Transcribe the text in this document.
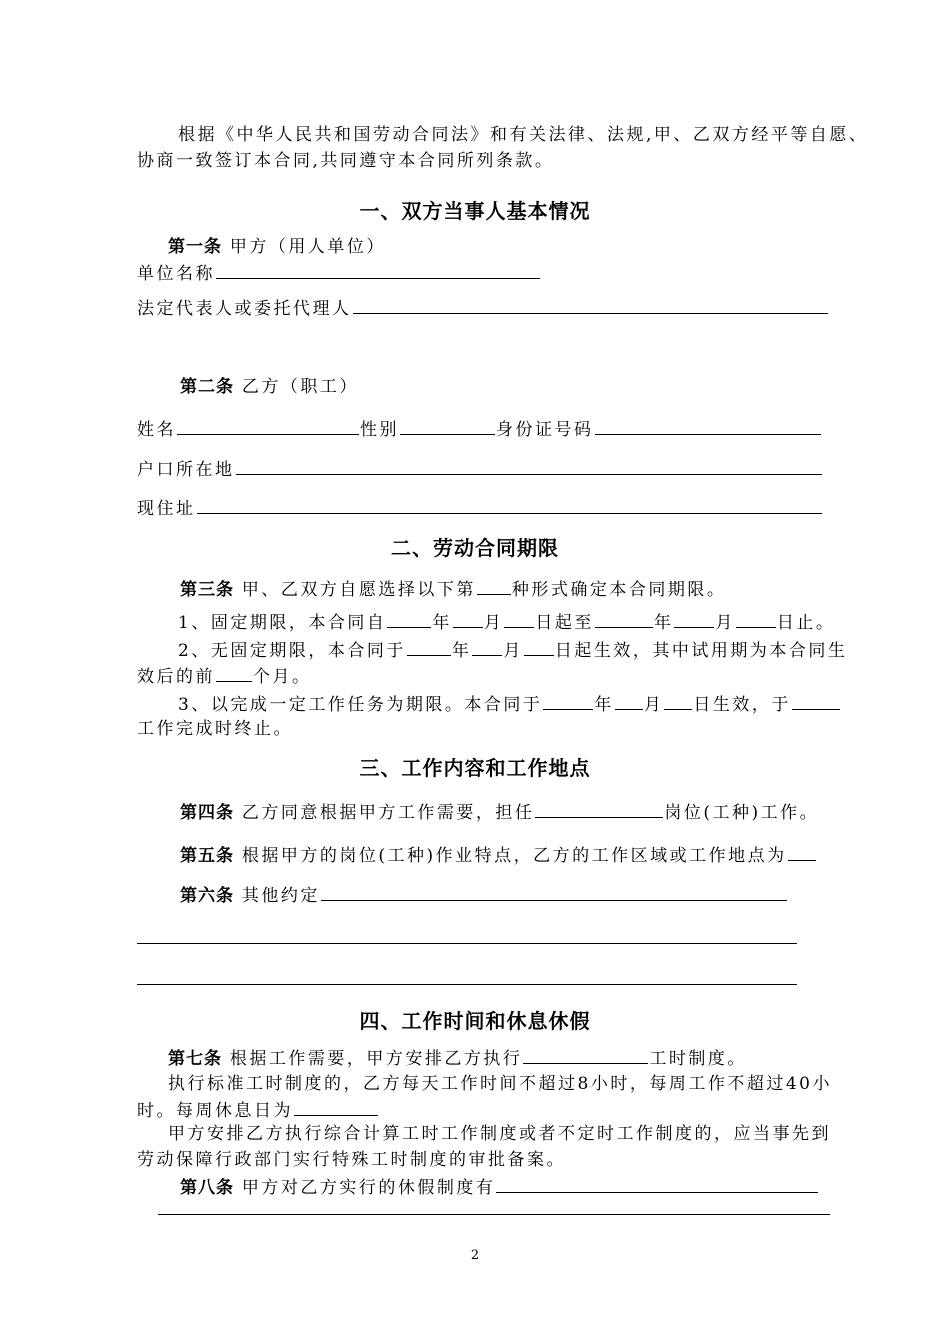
根据《中华人民共和国劳动合同法》和有关法律、法规,甲、乙双方经平等自愿、
协商一致签订本合同,共同遵守本合同所列条款。
一、双方当事人基本情况
第一条 甲方（用人单位）
单位名称
法定代表人或委托代理人
第二条 乙方（职工）
姓名	性别	身份证号码
户口所在地
现住址
二、劳动合同期限
第三条 甲、乙双方自愿选择以下第 种形式确定本合同期限。
1、固定期限，本合同自	年 月 日起至	年 月 日止。
2、无固定期限，本合同于	年 月 日起生效，其中试用期为本合同生
效后的前 个月。
3、以完成一定工作任务为期限。本合同于	年 月 日生效，于
工作完成时终止。
三、工作内容和工作地点
第四条 乙方同意根据甲方工作需要，担任	岗位(工种)工作。
第五条 根据甲方的岗位(工种)作业特点，乙方的工作区域或工作地点为
第六条 其他约定
四、工作时间和休息休假
第七条 根据工作需要，甲方安排乙方执行	工时制度。
执行标准工时制度的，乙方每天工作时间不超过8小时，每周工作不超过40小
时。每周休息日为
甲方安排乙方执行综合计算工时工作制度或者不定时工作制度的，应当事先到
劳动保障行政部门实行特殊工时制度的审批备案。
第八条 甲方对乙方实行的休假制度有
2
